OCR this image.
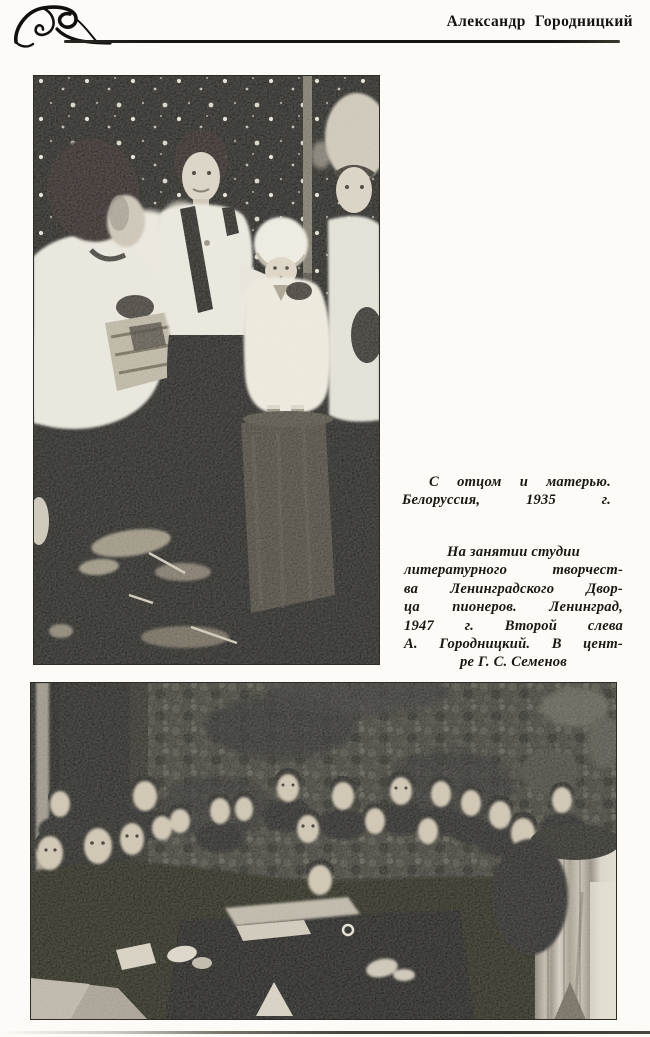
Александр Городницкий
С отцом и матерью.
Белоруссия, 1935 г.
На занятии студии
литературного творчест-
ва Ленинградского Двор-
ца пионеров. Ленинград,
1947 г. Второй слева
А. Городницкий. В цент-
ре Г. С. Семенов
